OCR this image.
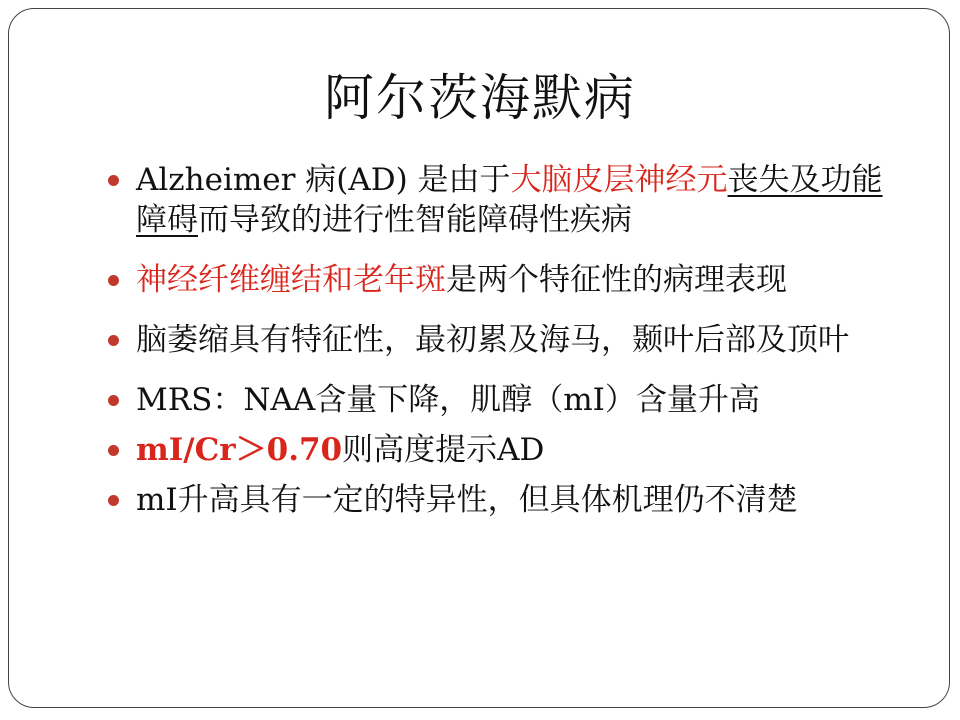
阿尔茨海默病
Alzheimer 病(AD) 是由于大脑皮层神经元丧失及功能障碍而导致的进行性智能障碍性疾病
神经纤维缠结和老年斑是两个特征性的病理表现
脑萎缩具有特征性，最初累及海马，颞叶后部及顶叶
MRS：NAA含量下降，肌醇（mI）含量升高
mI/Cr＞0.70则高度提示AD
mI升高具有一定的特异性，但具体机理仍不清楚
